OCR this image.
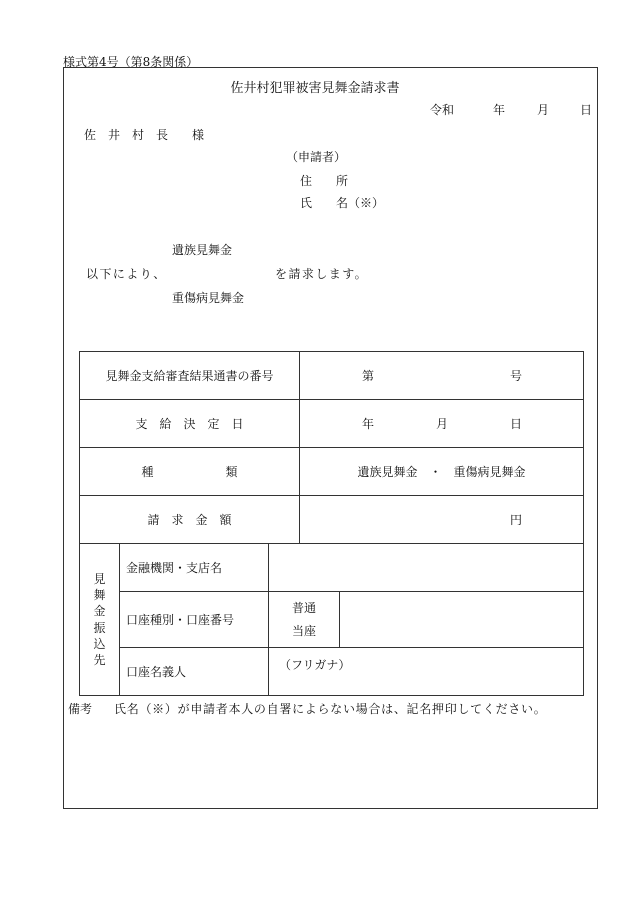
様式第4号（第8条関係）
佐井村犯罪被害見舞金請求書
令和	年	月	日
佐　井　村　長　　様
（申請者）
住　　所
氏　　名（※）
遺族見舞金
以下により、	を請求します。
重傷病見舞金
見舞金支給審査結果通書の番号			第 号	

支　給　決　定　日			年 月 日	

種　　　　　　類			遺族見舞金　・　重傷病見舞金	
請　求　金　額			円	

見舞金振込先	金融機関・支店名			
	口座種別・口座番号	普通
当座		

	口座名義人	（フリガナ）		
備考 氏名（※）が申請者本人の自署によらない場合は、記名押印してください。
